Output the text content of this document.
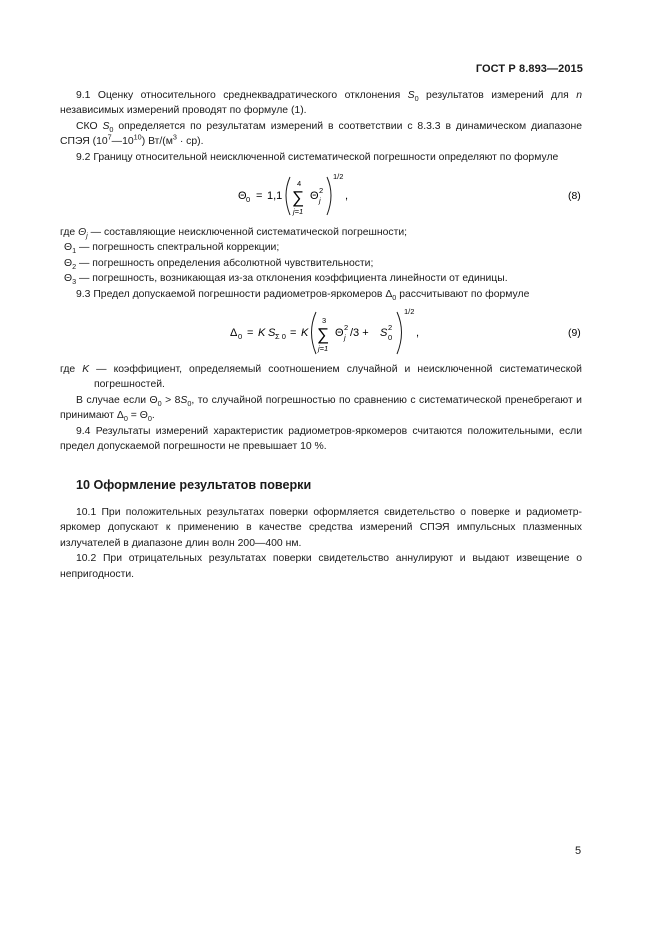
ГОСТ Р 8.893—2015

9.1 Оценку относительного среднеквадратического отклонения $S_0$ результатов измерений для n независимых измерений проводят по формуле (1).

СКО $S_0$ определяется по результатам измерений в соответствии с 8.3.3 в динамическом диапазоне СПЭЯ $(10^7—10^{10}) Вт/(м^3 \cdot ср)$.

9.2 Границу относительной неисключенной систематической погрешности определяют по формуле

Θ 0 = 1,1
4
∑
j=1
Θ 2
j
1/2
,	(8)

где $\Theta_j$ — составляющие неисключенной систематической погрешности;

$\Theta_1$ — погрешность спектральной коррекции;

$\Theta_2$ — погрешность определения абсолютной чувствительности;

$\Theta_3$ — погрешность, возникающая из-за отклонения коэффициента линейности от единицы.

9.3 Предел допускаемой погрешности радиометров-яркомеров $\Delta_0$ рассчитывают по формуле

Δ 0 = K S Σ 0 = K
3
∑
j=1
Θ 2
j /3 + S 2
0
1/2
,	(9)

где K — коэффициент, определяемый соотношением случайной и неисключенной систематической погрешностей.

В случае если $\Theta_0 > 8S_0$, то случайной погрешностью по сравнению с систематической пренебрегают и принимают $\Delta_0 = \Theta_0$.

9.4 Результаты измерений характеристик радиометров-яркомеров считаются положительными, если предел допускаемой погрешности не превышает 10 %.

10 Оформление результатов поверки

10.1 При положительных результатах поверки оформляется свидетельство о поверке и радиометр-яркомер допускают к применению в качестве средства измерений СПЭЯ импульсных плазменных излучателей в диапазоне длин волн 200—400 нм.

10.2 При отрицательных результатах поверки свидетельство аннулируют и выдают извещение о непригодности.

5
